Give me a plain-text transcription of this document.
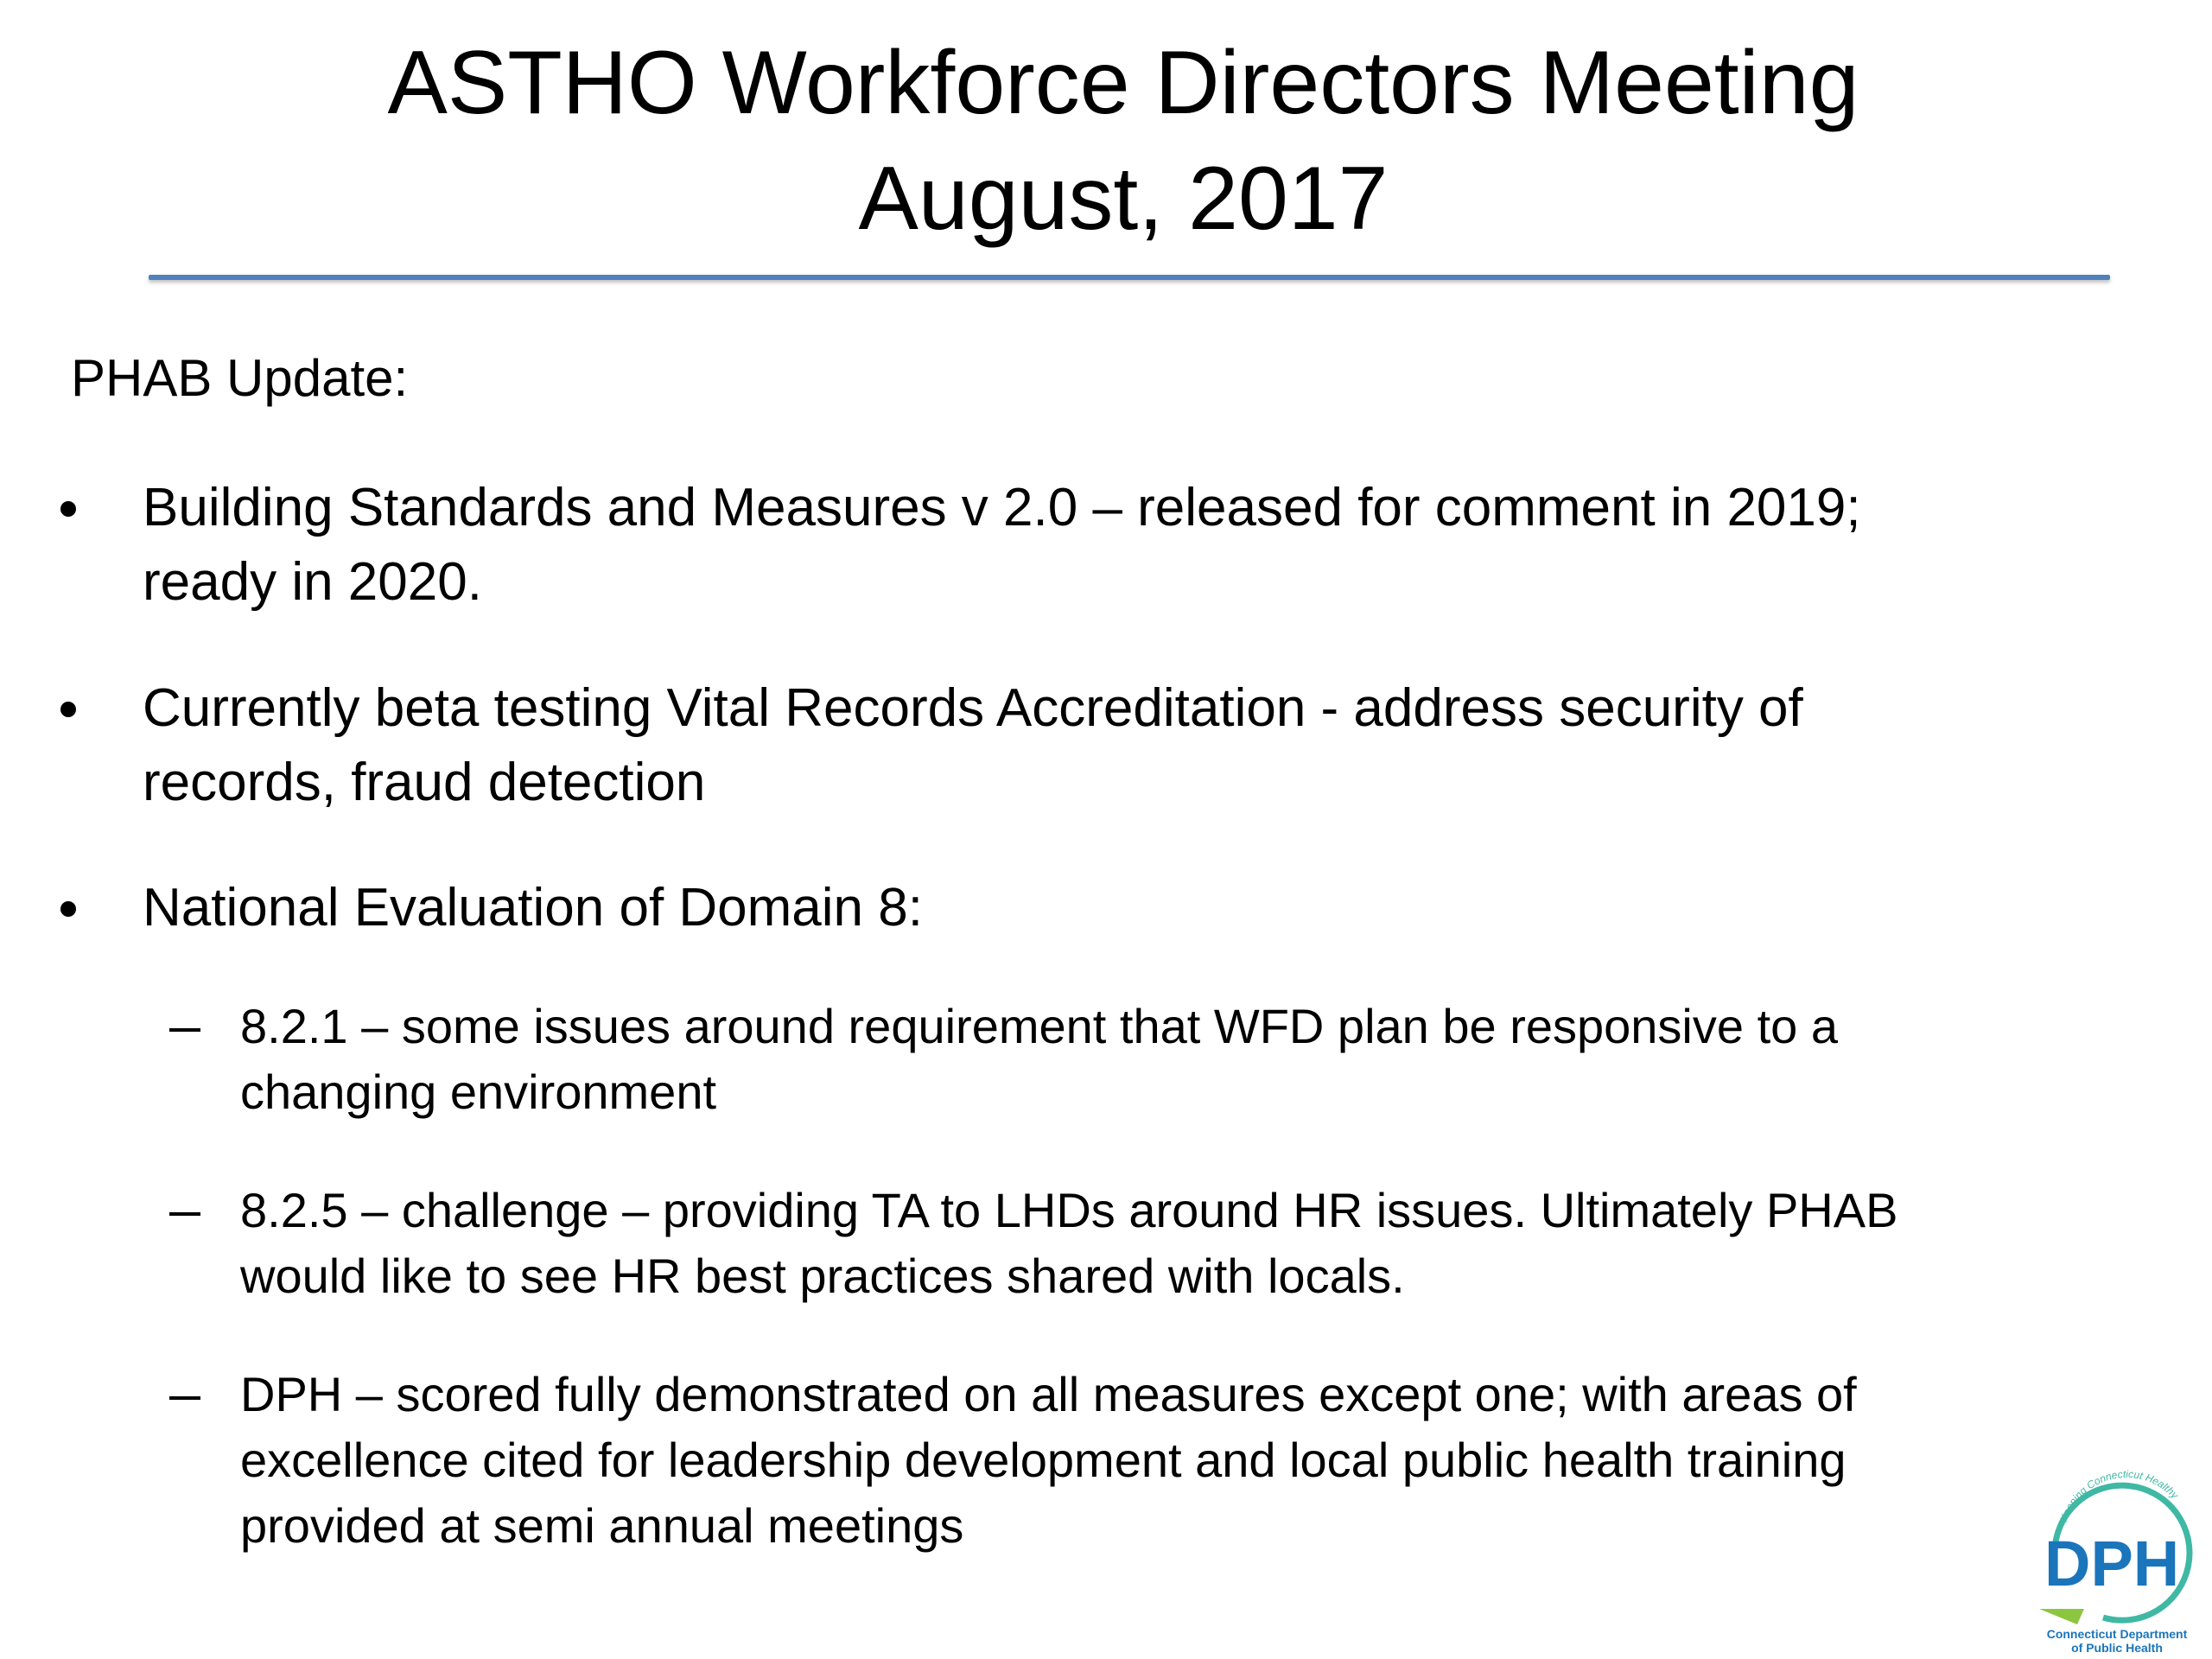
ASTHO Workforce Directors Meeting
August, 2017
PHAB Update:
Building Standards and Measures v 2.0 – released for comment in 2019;
ready in 2020.
Currently beta testing Vital Records Accreditation - address security of
records, fraud detection
National Evaluation of Domain 8:
8.2.1 – some issues around requirement that WFD plan be responsive to a
changing environment
8.2.5 – challenge – providing TA to LHDs around HR issues. Ultimately PHAB
would like to see HR best practices shared with locals.
DPH – scored fully demonstrated on all measures except one; with areas of
excellence cited for leadership development and local public health training
provided at semi annual meetings
DPH
Keeping Connecticut Healthy
Connecticut Department
of Public Health
